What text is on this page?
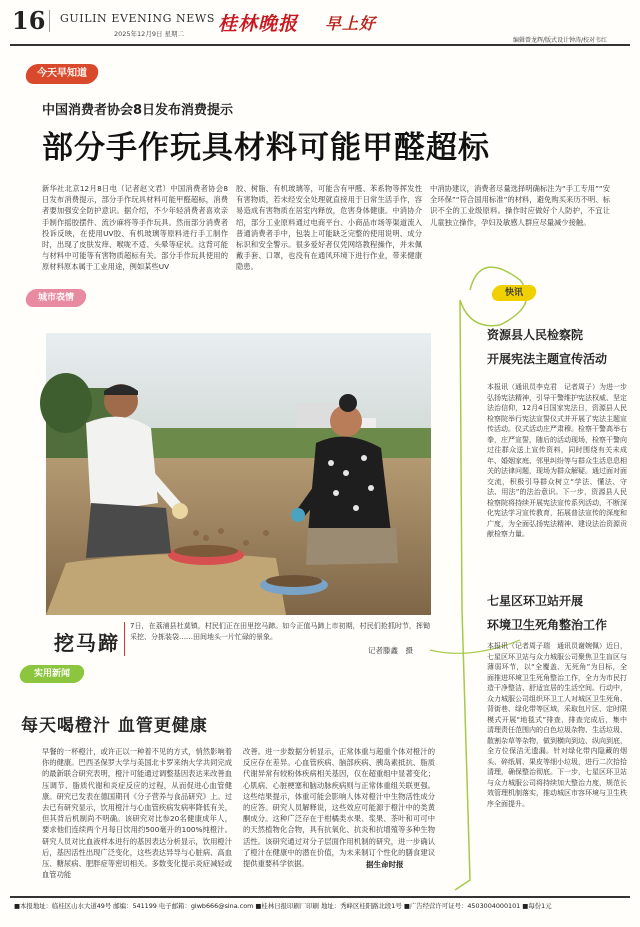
16 GUILIN EVENING NEWS
2025年12月9日 星期二 桂林晚报 早上好
编辑曾龙辉/版式设计钟涛/校对韦红
今天早知道
中国消费者协会8日发布消费提示
部分手作玩具材料可能甲醛超标
新华社北京12月8日电（记者赵文君）中国消费者协会8日发布消费提示，部分手作玩具材料可能甲醛超标，消费者要加强安全防护意识。据介绍，不少年轻消费者喜欢亲手制作摇胶摆件、流沙麻将等手作玩具。然而部分消费者投诉反映，在使用UV胶、有机玻璃等原料进行手工制作时，出现了皮肤发痒、喉咙不适、头晕等症状。这背可能与材料中可能等有害物质超标有关。部分手作玩具使用的原材料原本属于工业用途，例如某些UV
胶、树脂、有机玻璃等，可能含有甲醛、苯系物等挥发性有害物质，若未经安全处理就直接用于日常生活手作，容易造成有害物质在居室内释放，危害身体健康。中消协介绍，部分工业原料通过电商平台、小商品市场等渠道流入普通消费者手中，包装上可能缺乏完整的使用说明、成分标识和安全警示。很多爱好者仅凭网络教程操作，并未佩戴手套、口罩，也没有在通风环境下进行作业，带来健康隐患。
中消协建议，消费者尽量选择明确标注为“手工专用”“安全环保”“符合国用标准”的材料，避免购买来历不明、标识不全的工业级原料。操作时应做好个人防护，不宜让儿童独立操作，孕妇及敏感人群应尽量减少接触。
城市表情
挖马蹄
7日，在荔浦县杜莫镇，村民们正在田里挖马蹄。如今正值马蹄上市初期，村民们抢抓时节，挥锄采挖、分拣装袋……田间地头一片忙碌的景象。
记者滕鑫　摄
实用新闻
每天喝橙汁 血管更健康
早餐的一杯橙汁，或许正以一种着不见的方式，悄然影响着你的健康。巴西圣保罗大学与美国北卡罗来纳大学共同完成的最新联合研究表明，橙汁可能通过调整基因表达来改善血压调节、脂质代谢和炎症反应的过程，从而促进心血管健康。研究已发表在德国期刊《分子营养与食品研究》上。过去已有研究显示，饮用橙汁与心血管疾病发病率降低有关，但其背后机制尚不明确。该研究对比参20名健康成年人，要求他们连续两个月每日饮用约500毫升的100%纯橙汁。研究人员对比血液样本进行的基因表达分析显示，饮用橙汁后，基因活性出现广泛变化，这些表达异导与心脏病、高血压、糖尿病、肥胖症等密切相关。多数变化提示炎症减轻或血管功能
改善。进一步数据分析显示，正常体重与超重个体对橙汁的反应存在差异。心血管疾病、脑部疾病、胰岛素抵抗、脂质代谢异常有较粉体疾病相关基因，仅在超重组中显著变化；心肌病、心脏梗塞和脑动脉疾病则与正常体重组关联更强。这些结果提示，体重可能会影响人体对橙汁中生物活性成分的应答。研究人员解释说，这些效应可能源于橙汁中的类黄酮成分。这种广泛存在于柑橘类水果、浆果、茶叶和可可中的天然植物化合物，具有抗氧化、抗炎和抗增殖等多种生物活性。该研究通过对分子层面作用机制的研究，进一步确认了橙汁在健康中的潜在价值，为未来制订个性化的膳食建议提供重要科学依据。	据生命时报
快讯
资源县人民检察院
开展宪法主题宣传活动
本报讯（通讯员李克君　记者周子）为进一步弘扬宪法精神，引导干警维护宪法权威、坚定法治信仰，12月4日国家宪法日，资源县人民检察院举行宪法宣誓仪式并开展了宪法主题宣传活动。仪式活动庄严肃穆。检察干警高举右拳，庄严宣誓，随后的活动现场，检察干警向过往群众送上宣传资料，同时围绕有关未成年、婚姻家庭、邻里纠纷等与群众生活息息相关的法律问题，现场为群众解疑。通过面对面交流，积极引导群众树立“学法、懂法、守法、用法”的法治意识。下一步，资源县人民检察院将持续开展宪法宣传系列活动，不断深化宪法学习宣传教育，拓展普法宣传的深度和广度，为全面弘扬宪法精神、建设法治资源贡献检察力量。
七星区环卫站开展
环境卫生死角整治工作
本报讯（记者周子瑞　通讯员谢婉佩）近日，七星区环卫站与众力城服公司聚焦卫生盲区与薄弱环节，以“全覆盖、无死角”为目标，全面推进环境卫生死角整治工作，全力为市民打造干净整洁、舒适宜居的生活空间。行动中，众力城服公司组织环卫工人对城区卫生死角、背街巷、绿化带等区域，采取包片区、定时限模式开展“地毯式”排查，排查完成后，集中清理责任范围内的白色垃圾杂物、生活垃圾、散割杂草等杂物，做到横向到边、纵向到底，全方位保洁无遗漏。针对绿化带内隐藏的烟头、碎纸屑、果皮等细小垃圾，进行二次拾拾清理，确保整治彻底。下一步，七星区环卫站与众力城服公司将持续加大整治力度，规范长效管理机制落实，推动城区市容环境与卫生秩序全面提升。
■本报地址：临桂区山水大道49号 邮编：541199 电子邮箱：glwb666@sina.com ■桂林日报印刷厂印刷 地址：秀峰区桂阳路北段1号 ■广告经营许可证号：4503004000101 ■每份1元
